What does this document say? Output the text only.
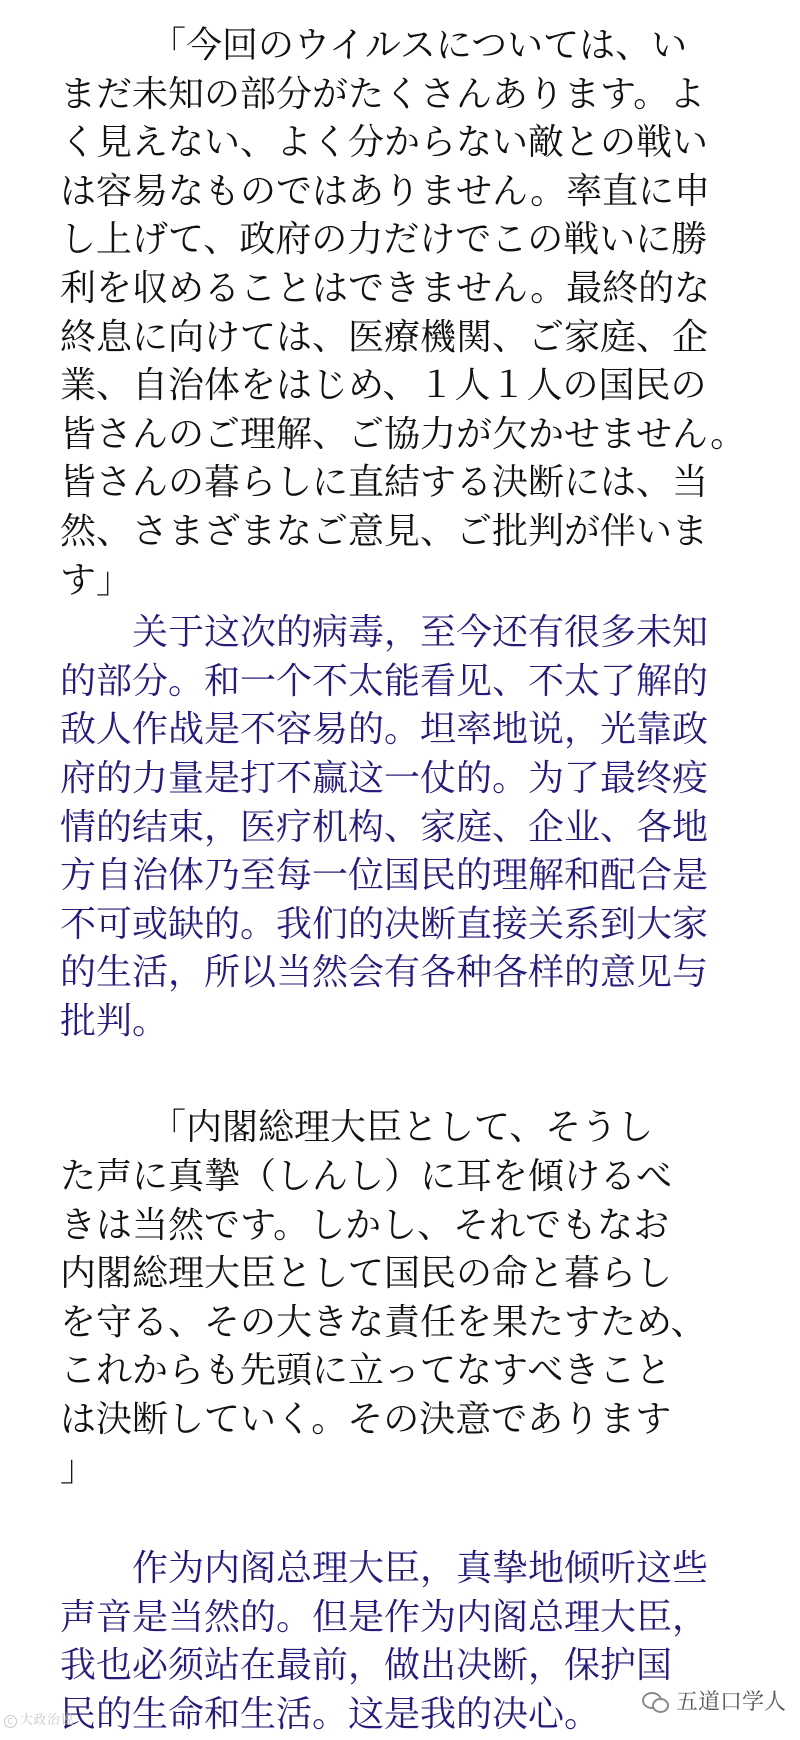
　　　「今回のウイルスについては、い
まだ未知の部分がたくさんあります。よ
く見えない、よく分からない敵との戦い
は容易なものではありません。率直に申
し上げて、政府の力だけでこの戦いに勝
利を収めることはできません。最終的な
終息に向けては、医療機関、ご家庭、企
業、自治体をはじめ、１人１人の国民の
皆さんのご理解、ご協力が欠かせません。
皆さんの暮らしに直結する決断には、当
然、さまざまなご意見、ご批判が伴いま
す」
　　关于这次的病毒，至今还有很多未知
的部分。和一个不太能看见、不太了解的
敌人作战是不容易的。坦率地说，光靠政
府的力量是打不赢这一仗的。为了最终疫
情的结束，医疗机构、家庭、企业、各地
方自治体乃至每一位国民的理解和配合是
不可或缺的。我们的决断直接关系到大家
的生活，所以当然会有各种各样的意见与
批判。
　　　「内閣総理大臣として、そうし
た声に真摯（しんし）に耳を傾けるべ
きは当然です。しかし、それでもなお
内閣総理大臣として国民の命と暮らし
を守る、その大きな責任を果たすため、
これからも先頭に立ってなすべきこと
は決断していく。その決意であります
」
　　作为内阁总理大臣，真挚地倾听这些
声音是当然的。但是作为内阁总理大臣，
我也必须站在最前，做出决断，保护国
民的生命和生活。这是我的决心。
C 大政治说
五道口学人
